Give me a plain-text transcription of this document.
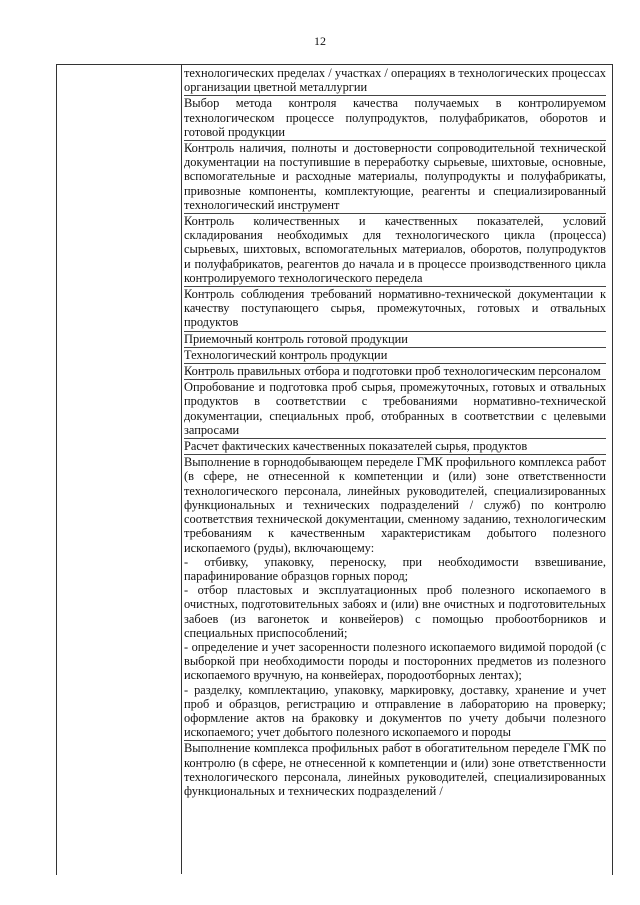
12

технологических пределах / участках / операциях в технологических процессах организации цветной металлургии

Выбор метода контроля качества получаемых в контролируемом технологическом процессе полупродуктов, полуфабрикатов, оборотов и готовой продукции

Контроль наличия, полноты и достоверности сопроводительной технической документации на поступившие в переработку сырьевые, шихтовые, основные, вспомогательные и расходные материалы, полупродукты и полуфабрикаты, привозные компоненты, комплектующие, реагенты и специализированный технологический инструмент

Контроль количественных и качественных показателей, условий складирования необходимых для технологического цикла (процесса) сырьевых, шихтовых, вспомогательных материалов, оборотов, полупродуктов и полуфабрикатов, реагентов до начала и в процессе производственного цикла контролируемого технологического передела

Контроль соблюдения требований нормативно-технической документации к качеству поступающего сырья, промежуточных, готовых и отвальных продуктов

Приемочный контроль готовой продукции

Технологический контроль продукции

Контроль правильных отбора и подготовки проб технологическим персоналом

Опробование и подготовка проб сырья, промежуточных, готовых и отвальных продуктов в соответствии с требованиями нормативно-технической документации, специальных проб, отобранных в соответствии с целевыми запросами

Расчет фактических качественных показателей сырья, продуктов

Выполнение в горнодобывающем переделе ГМК профильного комплекса работ (в сфере, не отнесенной к компетенции и (или) зоне ответственности технологического персонала, линейных руководителей, специализированных функциональных и технических подразделений / служб) по контролю соответствия технической документации, сменному заданию, технологическим требованиям к качественным характеристикам добытого полезного ископаемого (руды), включающему:

- отбивку, упаковку, переноску, при необходимости взвешивание, парафинирование образцов горных пород;

- отбор пластовых и эксплуатационных проб полезного ископаемого в очистных, подготовительных забоях и (или) вне очистных и подготовительных забоев (из вагонеток и конвейеров) с помощью пробоотборников и специальных приспособлений;

- определение и учет засоренности полезного ископаемого видимой породой (с выборкой при необходимости породы и посторонних предметов из полезного ископаемого вручную, на конвейерах, породоотборных лентах);

- разделку, комплектацию, упаковку, маркировку, доставку, хранение и учет проб и образцов, регистрацию и отправление в лабораторию на проверку; оформление актов на браковку и документов по учету добычи полезного ископаемого; учет добытого полезного ископаемого и породы

Выполнение комплекса профильных работ в обогатительном переделе ГМК по контролю (в сфере, не отнесенной к компетенции и (или) зоне ответственности технологического персонала, линейных руководителей, специализированных функциональных и технических подразделений /
